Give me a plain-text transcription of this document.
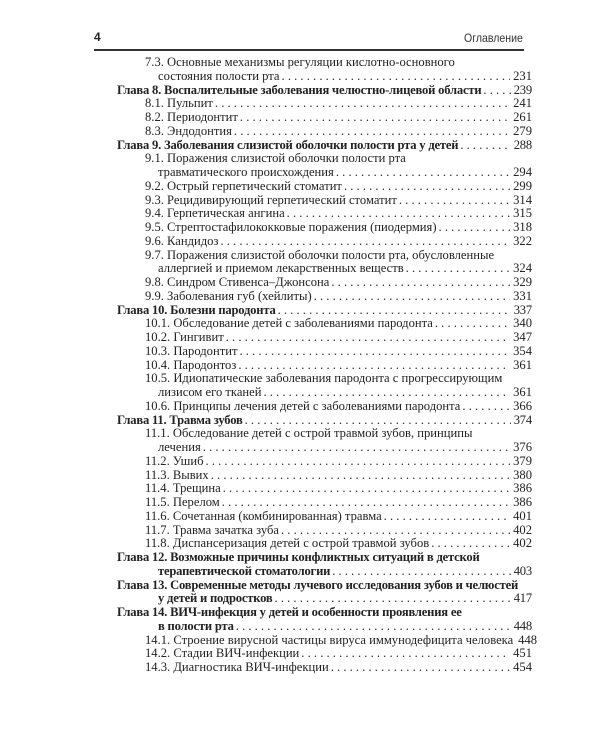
4	Оглавление
7.3. Основные механизмы регуляции кислотно-основного
состояния полости рта . . .	231
Глава 8. Воспалительные заболевания челюстно-лицевой области . . .	239
8.1. Пульпит . . .	241
8.2. Периодонтит . . .	261
8.3. Эндодонтия . . .	279
Глава 9. Заболевания слизистой оболочки полости рта у детей . . .	288
9.1. Поражения слизистой оболочки полости рта
травматического происхождения . . .	294
9.2. Острый герпетический стоматит . . .	299
9.3. Рецидивирующий герпетический стоматит . . .	314
9.4. Герпетическая ангина . . .	315
9.5. Стрептостафилококковые поражения (пиодермия) . . .	318
9.6. Кандидоз . . .	322
9.7. Поражения слизистой оболочки полости рта, обусловленные
аллергией и приемом лекарственных веществ . . .	324
9.8. Синдром Стивенса–Джонсона . . .	329
9.9. Заболевания губ (хейлиты) . . .	331
Глава 10. Болезни пародонта . . .	337
10.1. Обследование детей с заболеваниями пародонта . . .	340
10.2. Гингивит . . .	347
10.3. Пародонтит . . .	354
10.4. Пародонтоз . . .	361
10.5. Идиопатические заболевания пародонта с прогрессирующим
лизисом его тканей . . .	361
10.6. Принципы лечения детей с заболеваниями пародонта . . .	366
Глава 11. Травма зубов . . .	374
11.1. Обследование детей с острой травмой зубов, принципы
лечения . . .	376
11.2. Ушиб . . .	379
11.3. Вывих . . .	380
11.4. Трещина . . .	386
11.5. Перелом . . .	386
11.6. Сочетанная (комбинированная) травма . . .	401
11.7. Травма зачатка зуба . . .	402
11.8. Диспансеризация детей с острой травмой зубов . . .	402
Глава 12. Возможные причины конфликтных ситуаций в детской
терапевтической стоматологии . . .	403
Глава 13. Современные методы лучевого исследования зубов и челюстей
у детей и подростков . . .	417
Глава 14. ВИЧ-инфекция у детей и особенности проявления ее
в полости рта . . .	448
14.1. Строение вирусной частицы вируса иммунодефицита человека . . . 448
14.2. Стадии ВИЧ-инфекции . . .	451
14.3. Диагностика ВИЧ-инфекции . . .	454
